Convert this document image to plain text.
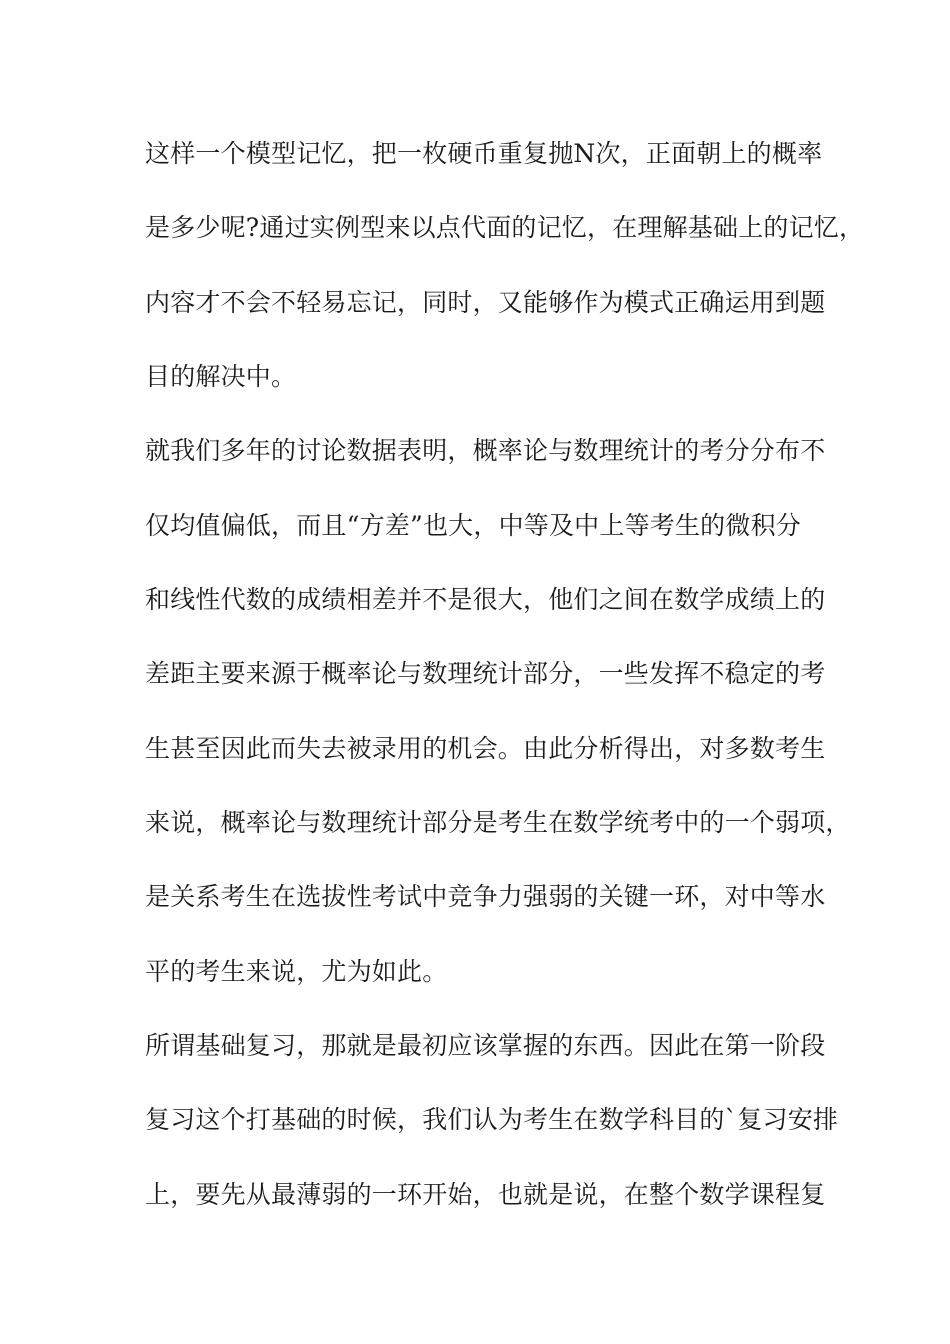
这样一个模型记忆，把一枚硬币重复抛N次，正面朝上的概率
是多少呢?通过实例型来以点代面的记忆，在理解基础上的记忆，
内容才不会不轻易忘记，同时，又能够作为模式正确运用到题
目的解决中。
就我们多年的讨论数据表明，概率论与数理统计的考分分布不
仅均值偏低，而且“方差”也大，中等及中上等考生的微积分
和线性代数的成绩相差并不是很大，他们之间在数学成绩上的
差距主要来源于概率论与数理统计部分，一些发挥不稳定的考
生甚至因此而失去被录用的机会。由此分析得出，对多数考生
来说，概率论与数理统计部分是考生在数学统考中的一个弱项，
是关系考生在选拔性考试中竞争力强弱的关键一环，对中等水
平的考生来说，尤为如此。
所谓基础复习，那就是最初应该掌握的东西。因此在第一阶段
复习这个打基础的时候，我们认为考生在数学科目的`复习安排
上，要先从最薄弱的一环开始，也就是说，在整个数学课程复
